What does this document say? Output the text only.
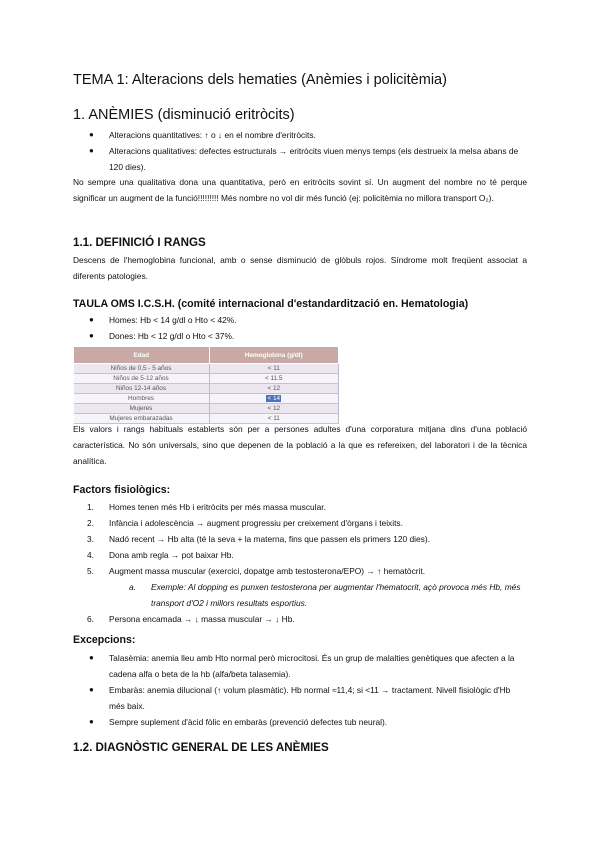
TEMA 1: Alteracions dels hematies (Anèmies i policitèmia)
1. ANÈMIES (disminució eritròcits)
● Alteracions quantitatives: ↑ o ↓ en el nombre d'eritròcits.
● Alteracions qualitatives: defectes estructurals → eritròcits viuen menys temps (els destrueix la melsa abans de 120 dies).

No sempre una qualitativa dona una quantitativa, però en eritròcits sovint sí. Un augment del nombre no té perque significar un augment de la funció!!!!!!!!! Més nombre no vol dir més funció (ej: policitèmia no millora transport O₂).

1.1. DEFINICIÓ I RANGS

Descens de l'hemoglobina funcional, amb o sense disminució de glòbuls rojos. Síndrome molt freqüent associat a diferents patologies.

TAULA OMS I.C.S.H. (comité internacional d'estandardització en. Hematologia)
● Homes: Hb < 14 g/dl o Hto < 42%.
● Dones: Hb < 12 g/dl o Hto < 37%.
Edad	Hemoglobina (g/dl)
Niños de 0,5 - 5 años	< 11
Niños de 5-12 años	< 11.5
Niños 12-14 años	< 12
Hombres	< 14
Mujeres	< 12
Mujeres embarazadas	< 11

Els valors i rangs habituals establerts són per a persones adultes d'una corporatura mitjana dins d'una població característica. No són universals, sino que depenen de la població a la que es refereixen, del laboratori i de la tècnica analítica.

Factors fisiològics:
1. Homes tenen més Hb i eritròcits per més massa muscular.
2. Infància i adolescència → augment progressiu per creixement d'òrgans i teixits.
3. Nadó recent → Hb alta (té la seva + la materna, fins que passen els primers 120 dies).
4. Dona amb regla → pot baixar Hb.
5. Augment massa muscular (exercici, dopatge amb testosterona/EPO) → ↑ hematòcrit.
a. Exemple: Al dopping es punxen testosterona per augmentar l'hematocrit, açò provoca més Hb, més transport d'O2 i millors resultats esportius.
6. Persona encamada → ↓ massa muscular → ↓ Hb.
Excepcions:
● Talasèmia: anemia lleu amb Hto normal però microcitosi. És un grup de malalties genètiques que afecten a la cadena alfa o beta de la hb (alfa/beta talasemia).
● Embaràs: anemia dilucional (↑ volum plasmàtic). Hb normal ≈11,4; si <11 → tractament. Nivell fisiològic d'Hb més baix.
● Sempre suplement d'àcid fòlic en embaràs (prevenció defectes tub neural).
1.2. DIAGNÒSTIC GENERAL DE LES ANÈMIES
